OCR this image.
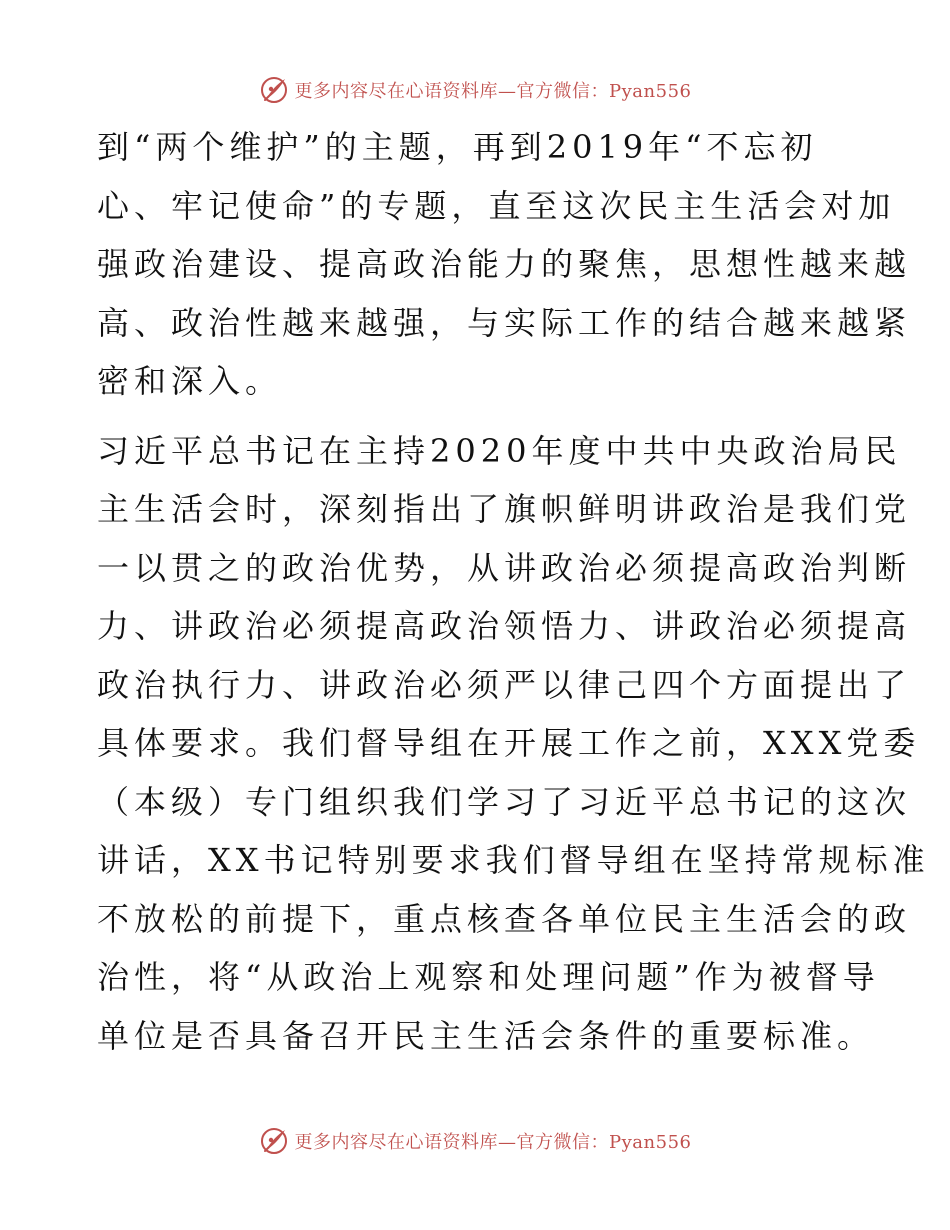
更多内容尽在心语资料库—官方微信：Pyan556
到“两个维护”的主题，再到2019年“不忘初
心、牢记使命”的专题，直至这次民主生活会对加
强政治建设、提高政治能力的聚焦，思想性越来越
高、政治性越来越强，与实际工作的结合越来越紧
密和深入。
习近平总书记在主持2020年度中共中央政治局民
主生活会时，深刻指出了旗帜鲜明讲政治是我们党
一以贯之的政治优势，从讲政治必须提高政治判断
力、讲政治必须提高政治领悟力、讲政治必须提高
政治执行力、讲政治必须严以律己四个方面提出了
具体要求。我们督导组在开展工作之前，XXX党委
（本级）专门组织我们学习了习近平总书记的这次
讲话，XX书记特别要求我们督导组在坚持常规标准
不放松的前提下，重点核查各单位民主生活会的政
治性，将“从政治上观察和处理问题”作为被督导
单位是否具备召开民主生活会条件的重要标准。
更多内容尽在心语资料库—官方微信：Pyan556
